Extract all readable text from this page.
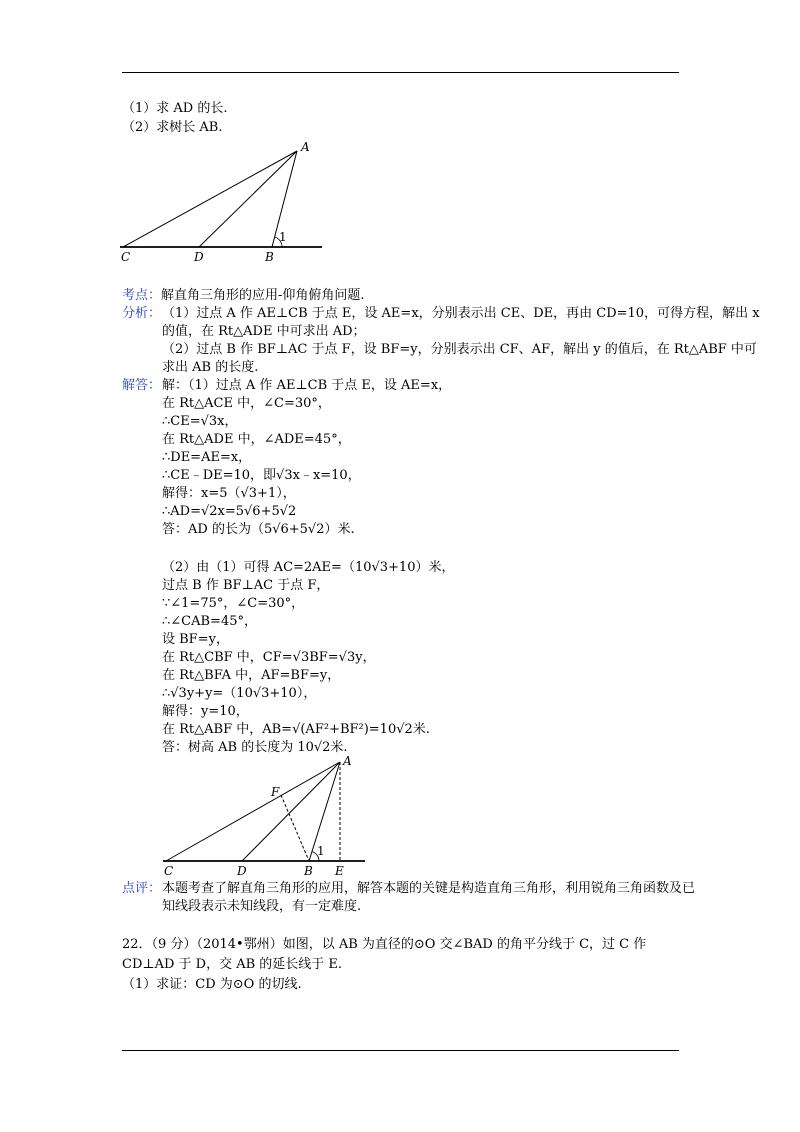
（1）求 AD 的长.
（2）求树长 AB.
A
C	D	B
1
考点：解直角三角形的应用-仰角俯角问题.
分析： （1）过点 A 作 AE⊥CB 于点 E，设 AE=x，分别表示出 CE、DE，再由 CD=10，可得方程，解出 x
的值，在 Rt△ADE 中可求出 AD；
（2）过点 B 作 BF⊥AC 于点 F，设 BF=y，分别表示出 CF、AF，解出 y 的值后，在 Rt△ABF 中可
求出 AB 的长度.
解答： 解：（1）过点 A 作 AE⊥CB 于点 E，设 AE=x，
在 Rt△ACE 中，∠C=30°，
∴CE=√3x，
在 Rt△ADE 中，∠ADE=45°，
∴DE=AE=x，
∴CE﹣DE=10，即√3x﹣x=10，
解得：x=5（√3+1），
∴AD=√2x=5√6+5√2
答：AD 的长为（5√6+5√2）米.
（2）由（1）可得 AC=2AE=（10√3+10）米，
过点 B 作 BF⊥AC 于点 F，
∵∠1=75°，∠C=30°，
∴∠CAB=45°，
设 BF=y，
在 Rt△CBF 中，CF=√3BF=√3y，
在 Rt△BFA 中，AF=BF=y，
∴√3y+y=（10√3+10），
解得：y=10，
在 Rt△ABF 中，AB=√(AF²+BF²)=10√2米.
答：树高 AB 的长度为 10√2米.
A
F
C	D	B E
1
点评： 本题考查了解直角三角形的应用，解答本题的关键是构造直角三角形，利用锐角三角函数及已
知线段表示未知线段，有一定难度.
22．（9 分）（2014•鄂州）如图，以 AB 为直径的⊙O 交∠BAD 的角平分线于 C，过 C 作
CD⊥AD 于 D，交 AB 的延长线于 E.
（1）求证：CD 为⊙O 的切线.
